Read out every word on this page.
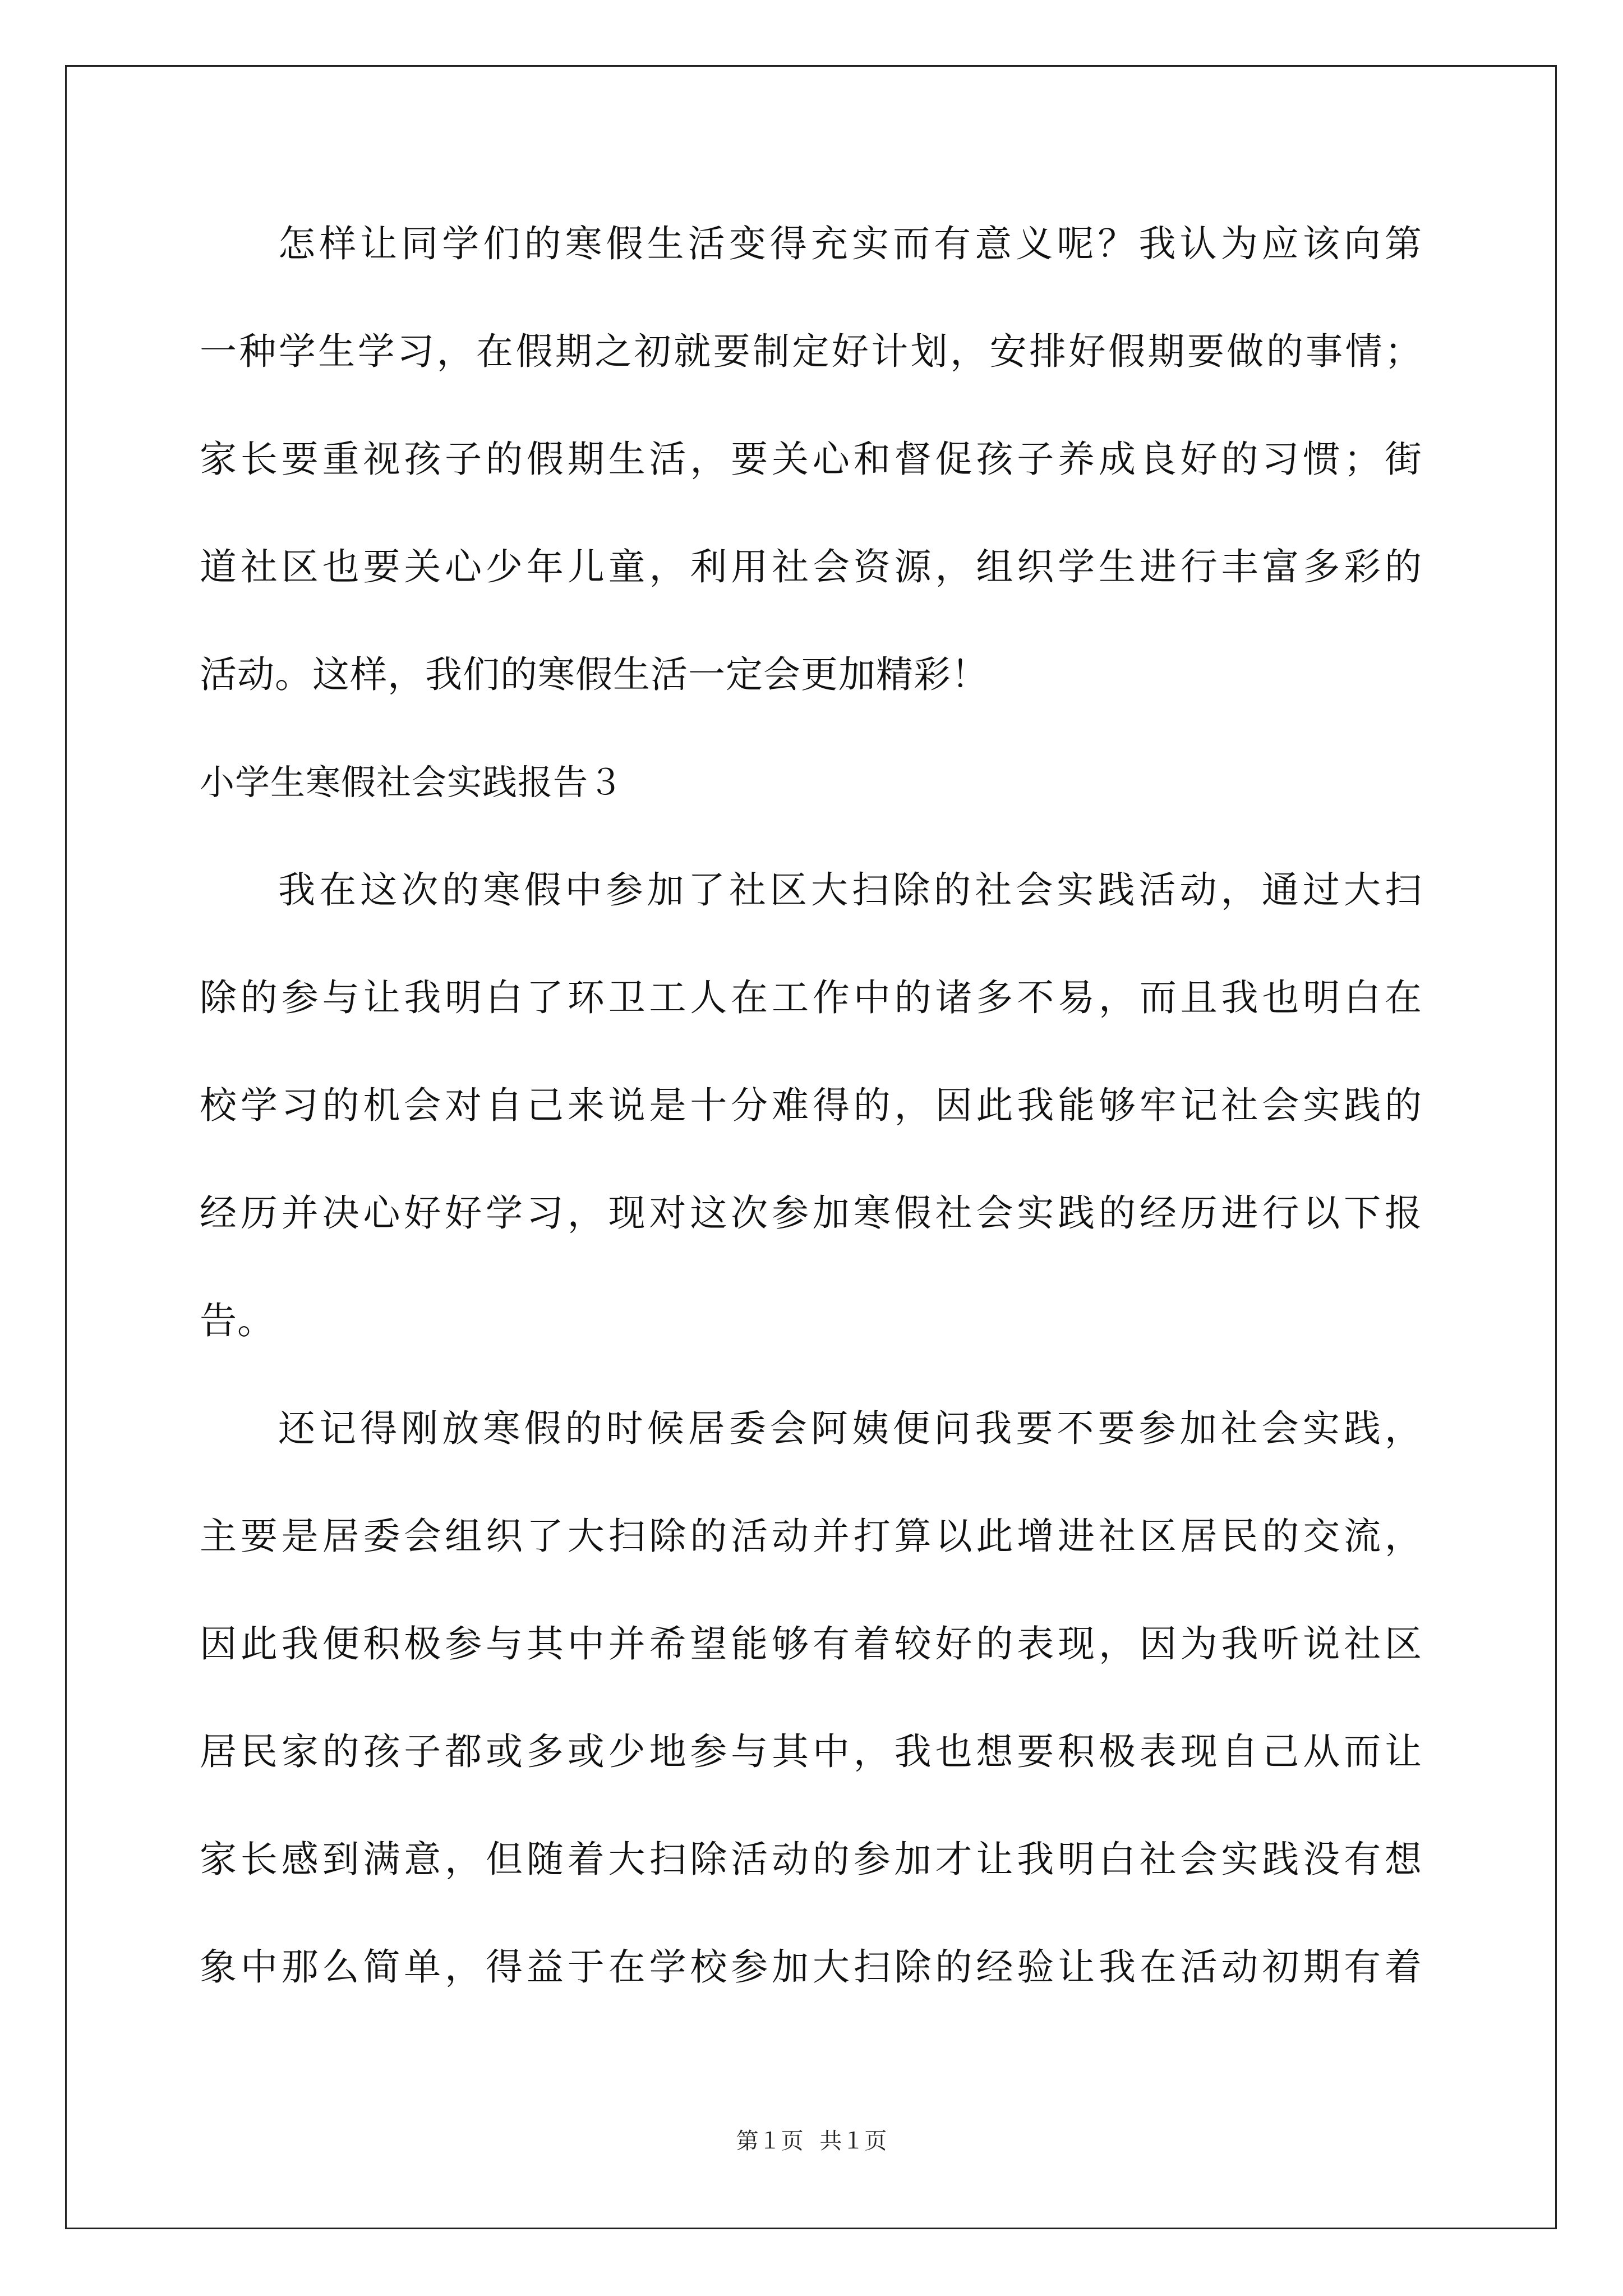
怎样让同学们的寒假生活变得充实而有意义呢？我认为应该向第
一种学生学习，在假期之初就要制定好计划，安排好假期要做的事情；
家长要重视孩子的假期生活，要关心和督促孩子养成良好的习惯；街
道社区也要关心少年儿童，利用社会资源，组织学生进行丰富多彩的
活动。这样，我们的寒假生活一定会更加精彩！
小学生寒假社会实践报告３
我在这次的寒假中参加了社区大扫除的社会实践活动，通过大扫
除的参与让我明白了环卫工人在工作中的诸多不易，而且我也明白在
校学习的机会对自己来说是十分难得的，因此我能够牢记社会实践的
经历并决心好好学习，现对这次参加寒假社会实践的经历进行以下报
告。
还记得刚放寒假的时候居委会阿姨便问我要不要参加社会实践，
主要是居委会组织了大扫除的活动并打算以此增进社区居民的交流，
因此我便积极参与其中并希望能够有着较好的表现，因为我听说社区
居民家的孩子都或多或少地参与其中，我也想要积极表现自己从而让
家长感到满意，但随着大扫除活动的参加才让我明白社会实践没有想
象中那么简单，得益于在学校参加大扫除的经验让我在活动初期有着
第１页 共１页
